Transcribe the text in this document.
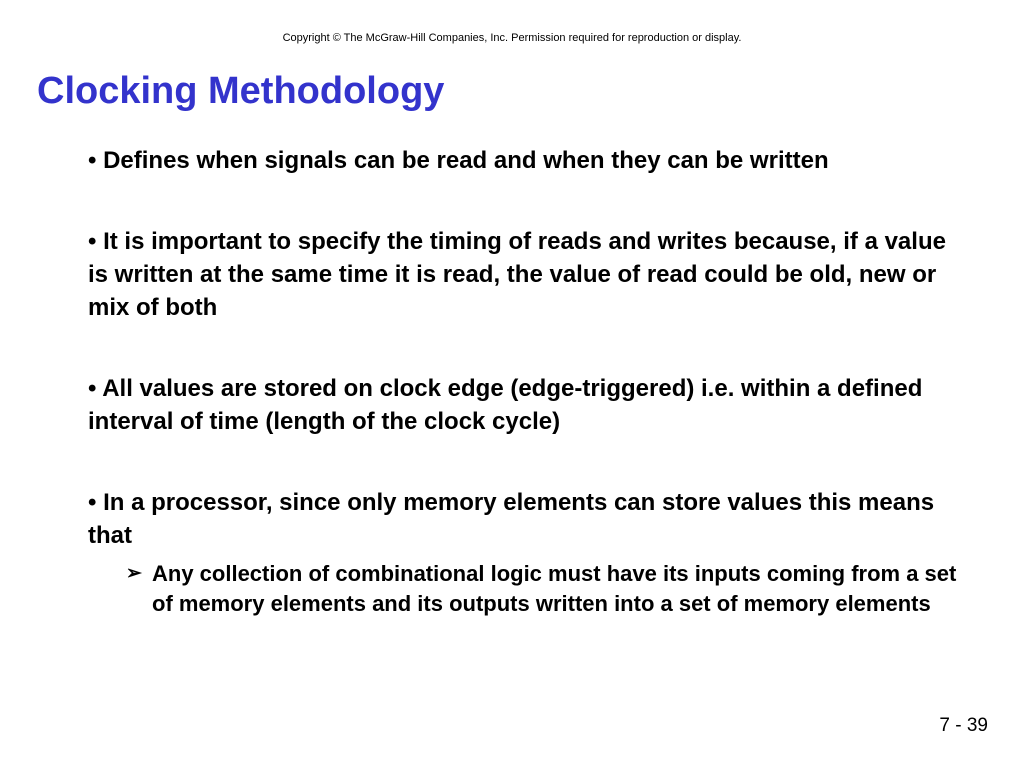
Copyright © The McGraw-Hill Companies, Inc. Permission required for reproduction or display.
Clocking Methodology

• Defines when signals can be read and when they can be written

• It is important to specify the timing of reads and writes because, if a value is written at the same time it is read, the value of read could be old, new or mix of both

• All values are stored on clock edge (edge-triggered) i.e. within a defined interval of time (length of the clock cycle)

• In a processor, since only memory elements can store values this means that

➢ Any collection of combinational logic must have its inputs coming from a set of memory elements and its outputs written into a set of memory elements

7 - 39
